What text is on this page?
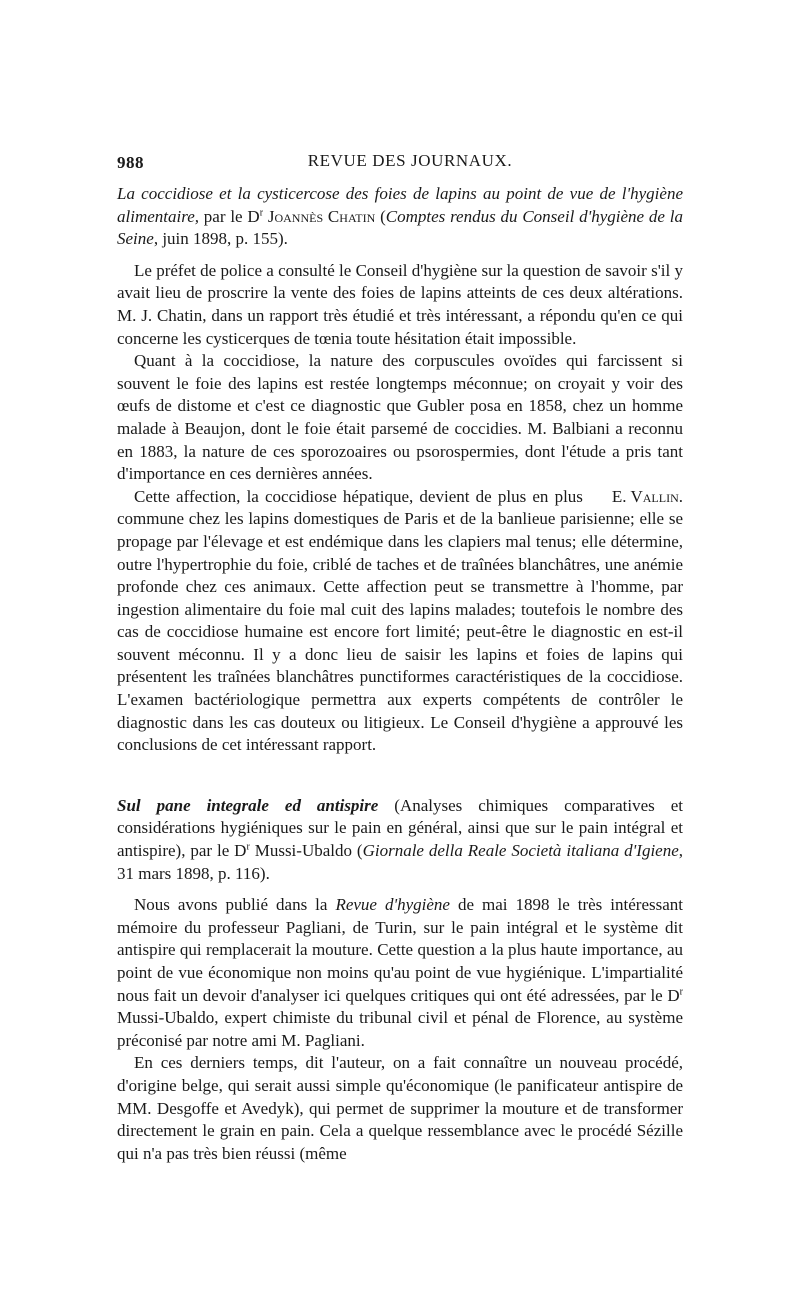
988	REVUE DES JOURNAUX.

La coccidiose et la cysticercose des foies de lapins au point de vue de l'hygiène alimentaire, par le $D^r$ Joannès Chatin (Comptes rendus du Conseil d'hygiène de la Seine, juin 1898, p. 155).

Le préfet de police a consulté le Conseil d'hygiène sur la question de savoir s'il y avait lieu de proscrire la vente des foies de lapins atteints de ces deux altérations. M. J. Chatin, dans un rapport très étudié et très intéressant, a répondu qu'en ce qui concerne les cysticerques de tœnia toute hésitation était impossible.

Quant à la coccidiose, la nature des corpuscules ovoïdes qui farcissent si souvent le foie des lapins est restée longtemps méconnue; on croyait y voir des œufs de distome et c'est ce diagnostic que Gubler posa en 1858, chez un homme malade à Beaujon, dont le foie était parsemé de coccidies. M. Balbiani a reconnu en 1883, la nature de ces sporozoaires ou psorospermies, dont l'étude a pris tant d'importance en ces dernières années.

E. Vallin.
Cette affection, la coccidiose hépatique, devient de plus en plus commune chez les lapins domestiques de Paris et de la banlieue parisienne; elle se propage par l'élevage et est endémique dans les clapiers mal tenus; elle détermine, outre l'hypertrophie du foie, criblé de taches et de traînées blanchâtres, une anémie profonde chez ces animaux. Cette affection peut se transmettre à l'homme, par ingestion alimentaire du foie mal cuit des lapins malades; toutefois le nombre des cas de coccidiose humaine est encore fort limité; peut-être le diagnostic en est-il souvent méconnu. Il y a donc lieu de saisir les lapins et foies de lapins qui présentent les traînées blanchâtres punctiformes caractéristiques de la coccidiose. L'examen bactériologique permettra aux experts compétents de contrôler le diagnostic dans les cas douteux ou litigieux. Le Conseil d'hygiène a approuvé les conclusions de cet intéressant rapport.

Sul pane integrale ed antispire (Analyses chimiques comparatives et considérations hygiéniques sur le pain en général, ainsi que sur le pain intégral et antispire), par le $D^r$ Mussi-Ubaldo (Giornale della Reale Società italiana d'Igiene, 31 mars 1898, p. 116).

Nous avons publié dans la Revue d'hygiène de mai 1898 le très intéressant mémoire du professeur Pagliani, de Turin, sur le pain intégral et le système dit antispire qui remplacerait la mouture. Cette question a la plus haute importance, au point de vue économique non moins qu'au point de vue hygiénique. L'impartialité nous fait un devoir d'analyser ici quelques critiques qui ont été adressées, par le $D^r$ Mussi-Ubaldo, expert chimiste du tribunal civil et pénal de Florence, au système préconisé par notre ami M. Pagliani.

En ces derniers temps, dit l'auteur, on a fait connaître un nouveau procédé, d'origine belge, qui serait aussi simple qu'économique (le panificateur antispire de MM. Desgoffe et Avedyk), qui permet de supprimer la mouture et de transformer directement le grain en pain. Cela a quelque ressemblance avec le procédé Sézille qui n'a pas très bien réussi (même
